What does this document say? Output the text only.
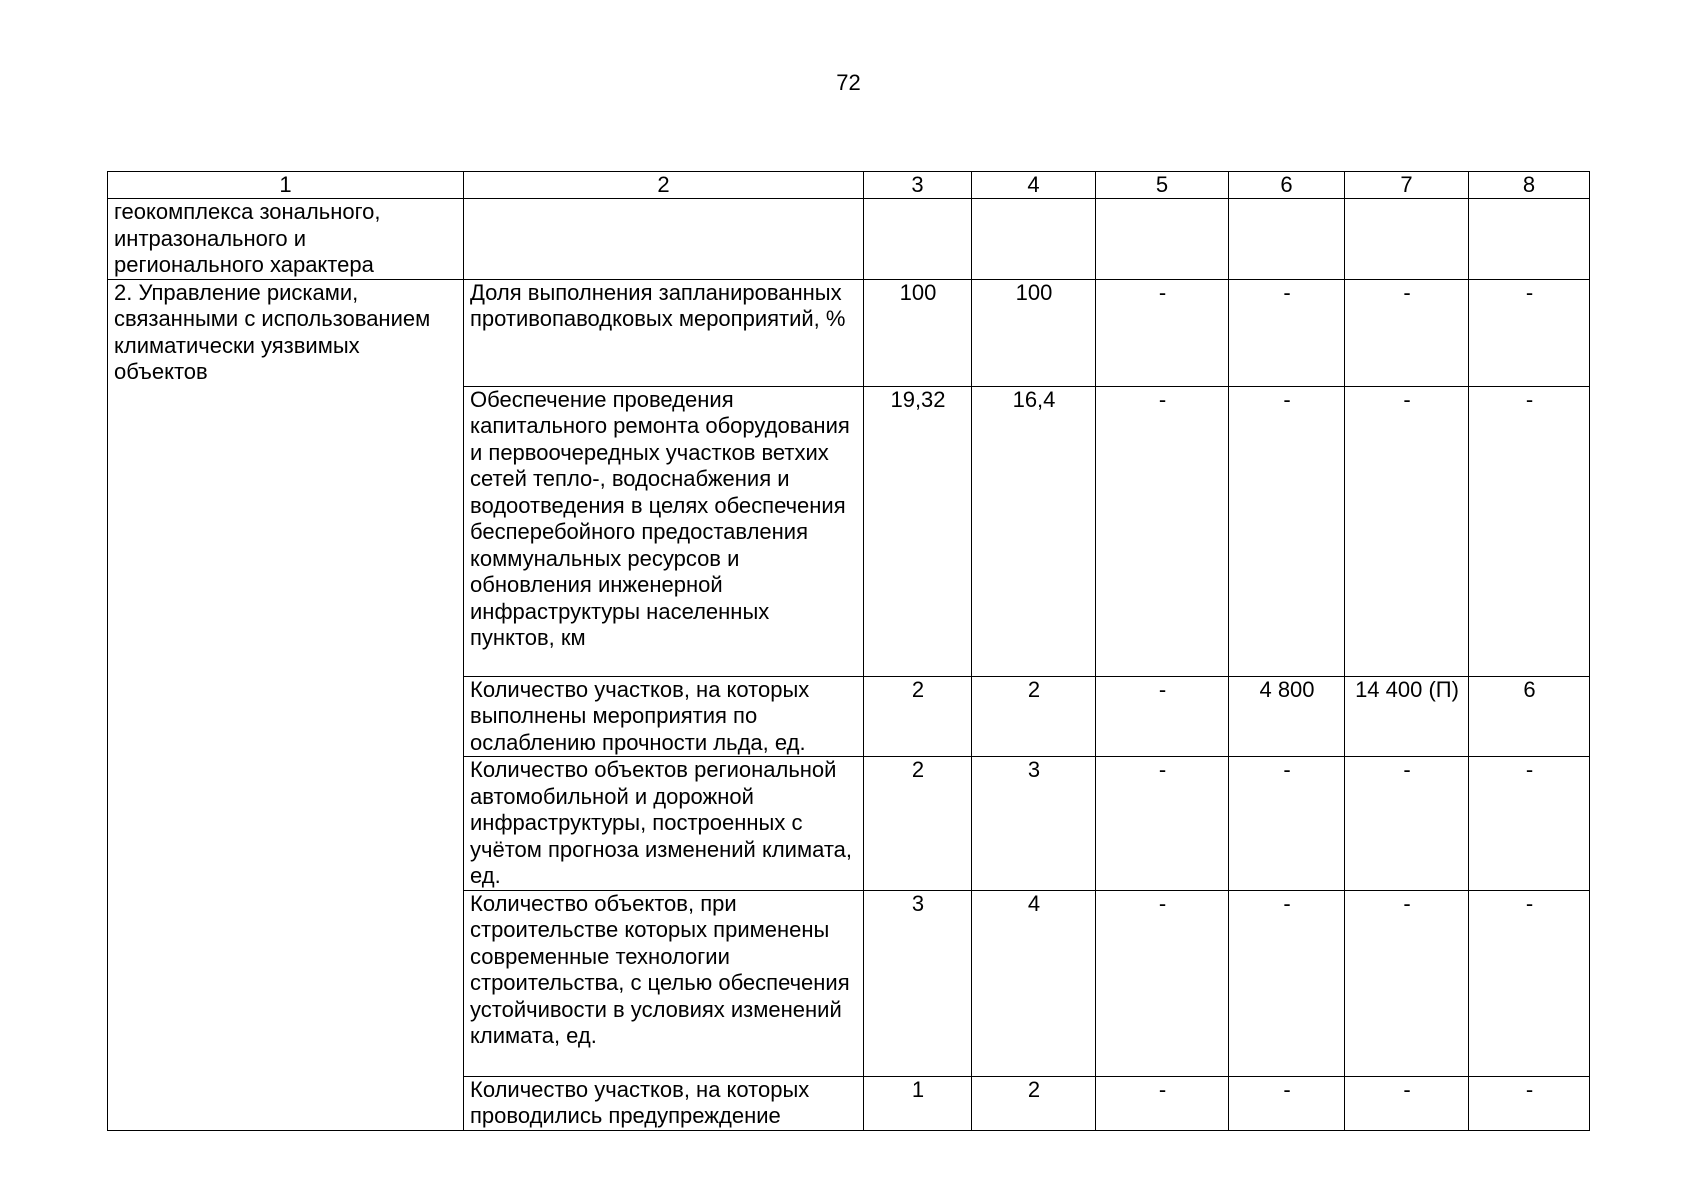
72
1	2	3	4	5	6	7	8
геокомплекса зонального, интразонального и регионального характера							
2. Управление рисками, связанными с использованием климатически уязвимых объектов	Доля выполнения запланированных противопаводковых мероприятий, %	100	100	-	-	-	-
	Обеспечение проведения капитального ремонта оборудования и первоочередных участков ветхих сетей тепло-, водоснабжения и водоотведения в целях обеспечения бесперебойного предоставления коммунальных ресурсов и обновления инженерной инфраструктуры населенных пунктов, км	19,32	16,4	-	-	-	-
	Количество участков, на которых выполнены мероприятия по ослаблению прочности льда, ед.	2	2	-	4 800	14 400 (П)	6
	Количество объектов региональной автомобильной и дорожной инфраструктуры, построенных с учётом прогноза изменений климата, ед.	2	3	-	-	-	-
	Количество объектов, при строительстве которых применены современные технологии строительства, с целью обеспечения устойчивости в условиях изменений климата, ед.	3	4	-	-	-	-
	Количество участков, на которых проводились предупреждение	1	2	-	-	-	-
